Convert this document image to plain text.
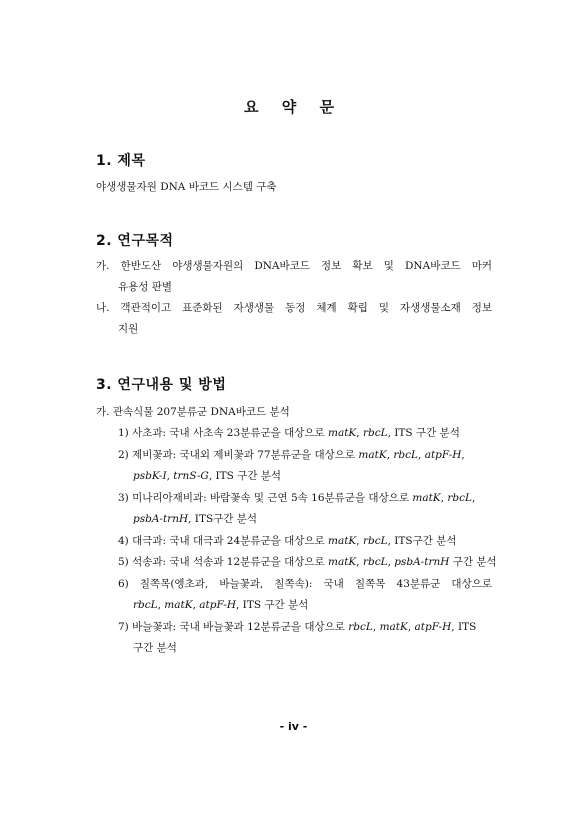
요 약 문
1. 제목
야생생물자원 DNA 바코드 시스템 구축
2. 연구목적
가. 한반도산 야생생물자원의 DNA바코드 정보 확보 및 DNA바코드 마커
유용성 판별
나. 객관적이고 표준화된 자생생물 동정 체계 확립 및 자생생물소재 정보
지원
3. 연구내용 및 방법
가. 관속식물 207분류군 DNA바코드 분석
1) 사초과: 국내 사초속 23분류군을 대상으로 matK, rbcL, ITS 구간 분석
2) 제비꽃과: 국내외 제비꽃과 77분류군을 대상으로 matK, rbcL, atpF-H,
psbK-I, trnS-G, ITS 구간 분석
3) 미나리아재비과: 바람꽃속 및 근연 5속 16분류군을 대상으로 matK, rbcL,
psbA-trnH, ITS구간 분석
4) 대극과: 국내 대극과 24분류군을 대상으로 matK, rbcL, ITS구간 분석
5) 석송과: 국내 석송과 12분류군을 대상으로 matK, rbcL, psbA-trnH 구간 분석
6) 칠쪽목(엥초과, 바늘꽃과, 칠쪽속): 국내 칠쪽목 43분류군 대상으로
rbcL, matK, atpF-H, ITS 구간 분석
7) 바늘꽃과: 국내 바늘꽃과 12분류군을 대상으로 rbcL, matK, atpF-H, ITS
구간 분석
- iv -
